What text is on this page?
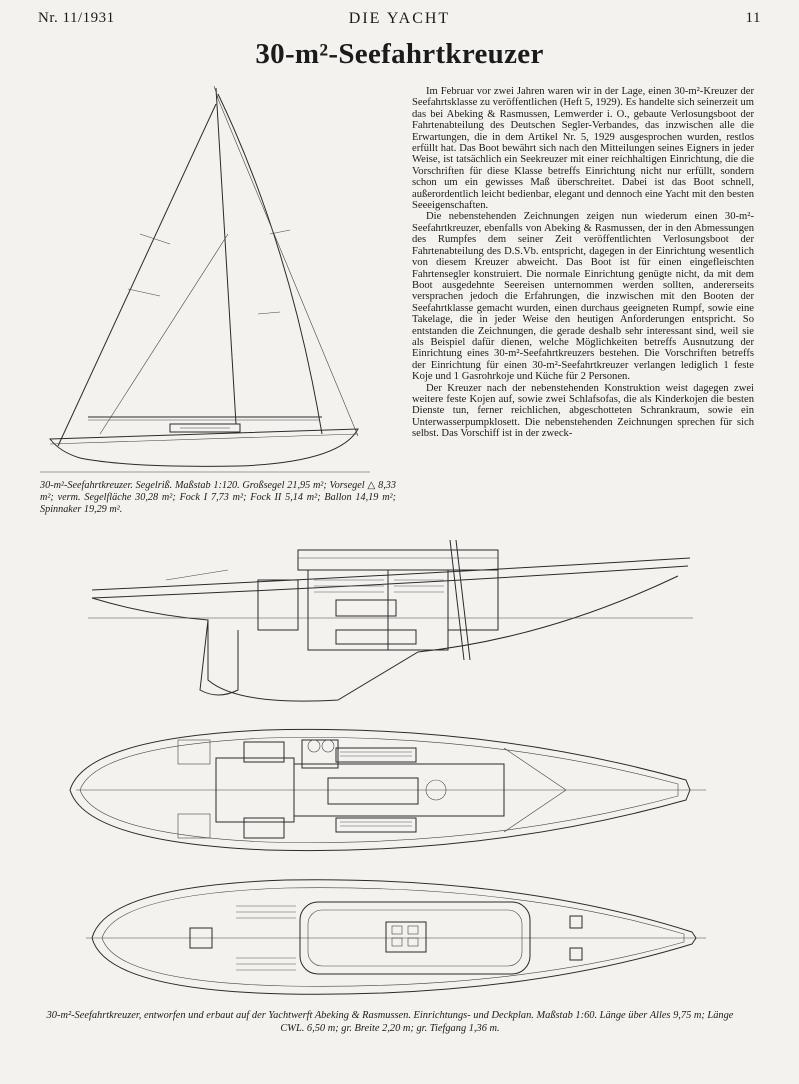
Nr. 11/1931	DIE YACHT	11
30-m²-Seefahrtkreuzer
30-m²-Seefahrtkreuzer. Segelriß. Maßstab 1:120. Großsegel 21,95 m²; Vorsegel △ 8,33 m²; verm. Segelfläche 30,28 m²; Fock I 7,73 m²; Fock II 5,14 m²; Ballon 14,19 m²; Spinnaker 19,29 m².

Im Februar vor zwei Jahren waren wir in der Lage, einen 30-m²-Kreuzer der Seefahrtsklasse zu veröffentlichen (Heft 5, 1929). Es handelte sich seinerzeit um das bei Abeking & Rasmussen, Lemwerder i. O., gebaute Verlosungsboot der Fahrtenabteilung des Deutschen Segler-Verbandes, das inzwischen alle die Erwartungen, die in dem Artikel Nr. 5, 1929 ausgesprochen wurden, restlos erfüllt hat. Das Boot bewährt sich nach den Mitteilungen seines Eigners in jeder Weise, ist tatsächlich ein Seekreuzer mit einer reichhaltigen Einrichtung, die die Vorschriften für diese Klasse betreffs Einrichtung nicht nur erfüllt, sondern schon um ein gewisses Maß überschreitet. Dabei ist das Boot schnell, außerordentlich leicht bedienbar, elegant und dennoch eine Yacht mit den besten Seeeigenschaften.

Die nebenstehenden Zeichnungen zeigen nun wiederum einen 30-m²-Seefahrtkreuzer, ebenfalls von Abeking & Rasmussen, der in den Abmessungen des Rumpfes dem seiner Zeit veröffentlichten Verlosungsboot der Fahrtenabteilung des D.S.Vb. entspricht, dagegen in der Einrichtung wesentlich von diesem Kreuzer abweicht. Das Boot ist für einen eingefleischten Fahrtensegler konstruiert. Die normale Einrichtung genügte nicht, da mit dem Boot ausgedehnte Seereisen unternommen werden sollten, andererseits versprachen jedoch die Erfahrungen, die inzwischen mit den Booten der Seefahrtklasse gemacht wurden, einen durchaus geeigneten Rumpf, sowie eine Takelage, die in jeder Weise den heutigen Anforderungen entspricht. So entstanden die Zeichnungen, die gerade deshalb sehr interessant sind, weil sie als Beispiel dafür dienen, welche Möglichkeiten betreffs Ausnutzung der Einrichtung eines 30-m²-Seefahrtkreuzers bestehen. Die Vorschriften betreffs der Einrichtung für einen 30-m²-Seefahrtkreuzer verlangen lediglich 1 feste Koje und 1 Gasrohrkoje und Küche für 2 Personen.

Der Kreuzer nach der nebenstehenden Konstruktion weist dagegen zwei weitere feste Kojen auf, sowie zwei Schlafsofas, die als Kinderkojen die besten Dienste tun, ferner reichlichen, abgeschotteten Schrankraum, sowie ein Unterwasserpumpklosett. Die nebenstehenden Zeichnungen sprechen für sich selbst. Das Vorschiff ist in der zweck-

30-m²-Seefahrtkreuzer, entworfen und erbaut auf der Yachtwerft Abeking & Rasmussen. Einrichtungs- und Deckplan. Maßstab 1:60. Länge über Alles 9,75 m; Länge CWL. 6,50 m; gr. Breite 2,20 m; gr. Tiefgang 1,36 m.
